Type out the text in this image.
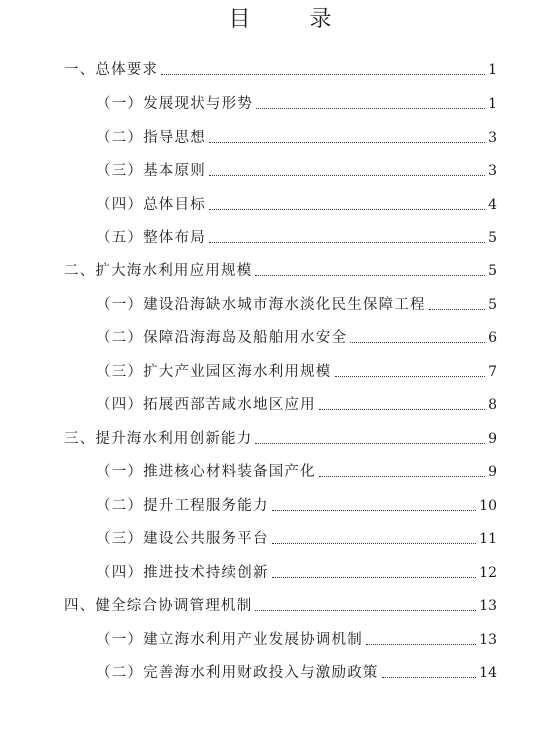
目 录
一、总体要求	1
（一）发展现状与形势	1
（二）指导思想	3
（三）基本原则	3
（四）总体目标	4
（五）整体布局	5
二、扩大海水利用应用规模	5
（一）建设沿海缺水城市海水淡化民生保障工程	5
（二）保障沿海海岛及船舶用水安全	6
（三）扩大产业园区海水利用规模	7
（四）拓展西部苦咸水地区应用	8
三、提升海水利用创新能力	9
（一）推进核心材料装备国产化	9
（二）提升工程服务能力	10
（三）建设公共服务平台	11
（四）推进技术持续创新	12
四、健全综合协调管理机制	13
（一）建立海水利用产业发展协调机制	13
（二）完善海水利用财政投入与激励政策	14
